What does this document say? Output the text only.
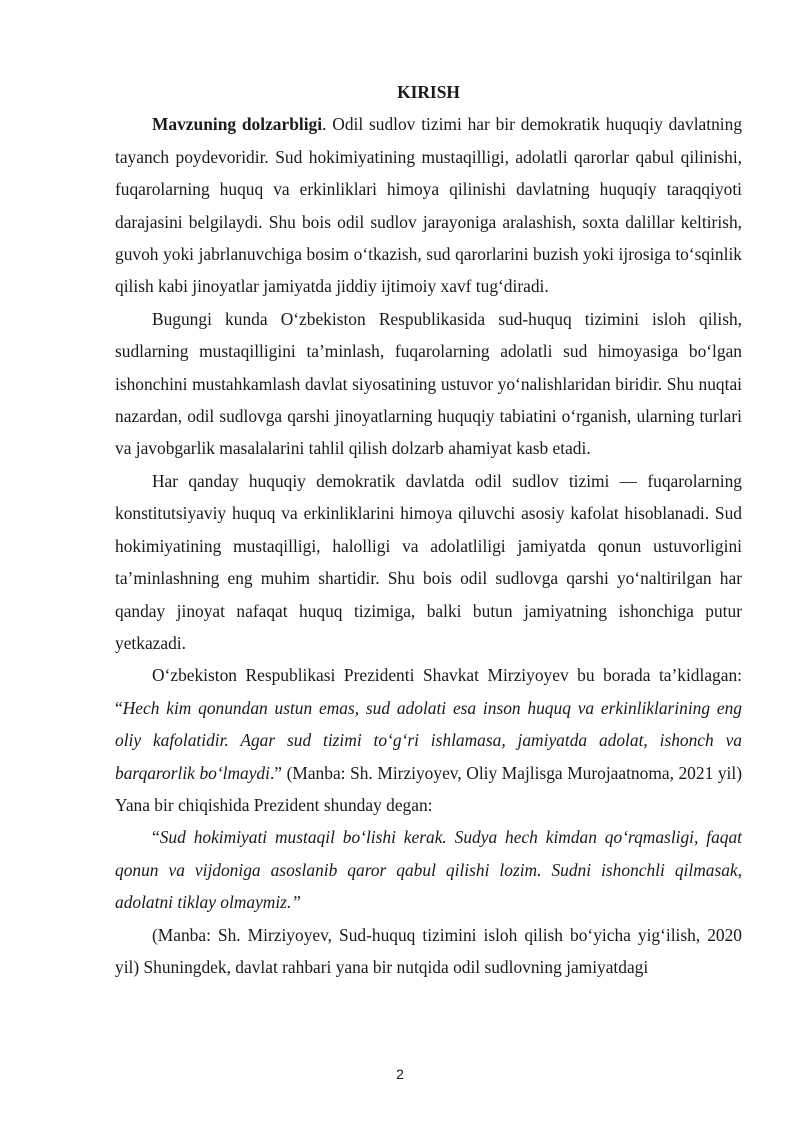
KIRISH

Mavzuning dolzarbligi. Odil sudlov tizimi har bir demokratik huquqiy davlatning tayanch poydevoridir. Sud hokimiyatining mustaqilligi, adolatli qarorlar qabul qilinishi, fuqarolarning huquq va erkinliklari himoya qilinishi davlatning huquqiy taraqqiyoti darajasini belgilaydi. Shu bois odil sudlov jarayoniga aralashish, soxta dalillar keltirish, guvoh yoki jabrlanuvchiga bosim oʻtkazish, sud qarorlarini buzish yoki ijrosiga toʻsqinlik qilish kabi jinoyatlar jamiyatda jiddiy ijtimoiy xavf tugʻdiradi.

Bugungi kunda Oʻzbekiston Respublikasida sud-huquq tizimini isloh qilish, sudlarning mustaqilligini taʼminlash, fuqarolarning adolatli sud himoyasiga boʻlgan ishonchini mustahkamlash davlat siyosatining ustuvor yoʻnalishlaridan biridir. Shu nuqtai nazardan, odil sudlovga qarshi jinoyatlarning huquqiy tabiatini oʻrganish, ularning turlari va javobgarlik masalalarini tahlil qilish dolzarb ahamiyat kasb etadi.

Har qanday huquqiy demokratik davlatda odil sudlov tizimi — fuqarolarning konstitutsiyaviy huquq va erkinliklarini himoya qiluvchi asosiy kafolat hisoblanadi. Sud hokimiyatining mustaqilligi, halolligi va adolatliligi jamiyatda qonun ustuvorligini taʼminlashning eng muhim shartidir. Shu bois odil sudlovga qarshi yoʻnaltirilgan har qanday jinoyat nafaqat huquq tizimiga, balki butun jamiyatning ishonchiga putur yetkazadi.

Oʻzbekiston Respublikasi Prezidenti Shavkat Mirziyoyev bu borada taʼkidlagan: “Hech kim qonundan ustun emas, sud adolati esa inson huquq va erkinliklarining eng oliy kafolatidir. Agar sud tizimi toʻgʻri ishlamasa, jamiyatda adolat, ishonch va barqarorlik boʻlmaydi.” (Manba: Sh. Mirziyoyev, Oliy Majlisga Murojaatnoma, 2021 yil) Yana bir chiqishida Prezident shunday degan:

“Sud hokimiyati mustaqil boʻlishi kerak. Sudya hech kimdan qoʻrqmasligi, faqat qonun va vijdoniga asoslanib qaror qabul qilishi lozim. Sudni ishonchli qilmasak, adolatni tiklay olmaymiz.”

(Manba: Sh. Mirziyoyev, Sud-huquq tizimini isloh qilish boʻyicha yigʻilish, 2020 yil) Shuningdek, davlat rahbari yana bir nutqida odil sudlovning jamiyatdagi

2
